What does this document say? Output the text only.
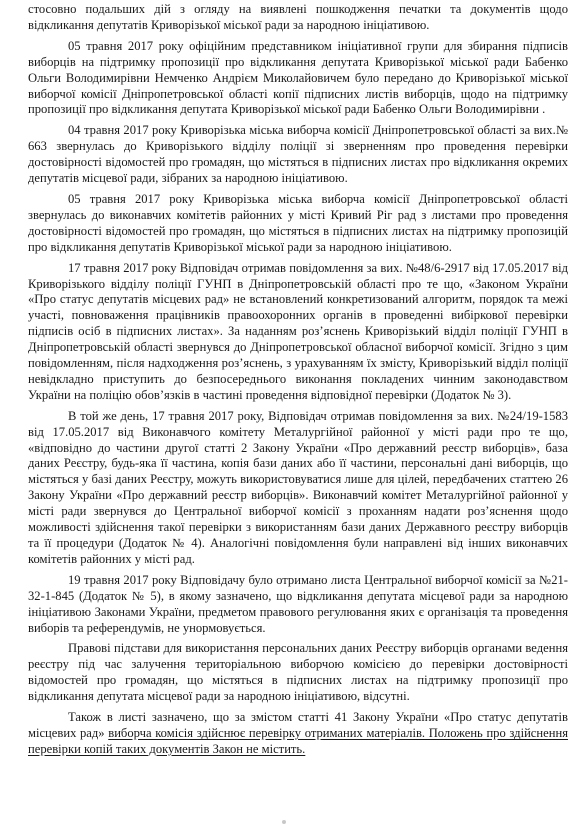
стосовно подальших дій з огляду на виявлені пошкодження печатки та документів щодо відкликання депутатів Криворізької міської ради за народною ініціативою.

05 травня 2017 року офіційним представником ініціативної групи для збирання підписів виборців на підтримку пропозиції про відкликання депутата Криворізької міської ради Бабенко Ольги Володимирівни Немченко Андрієм Миколайовичем було передано до Криворізької міської виборчої комісії Дніпропетровської області копії підписних листів виборців, щодо на підтримку пропозиції про відкликання депутата Криворізької міської ради Бабенко Ольги Володимирівни .

04 травня 2017 року Криворізька міська виборча комісії Дніпропетровської області за вих.№ 663 звернулась до Криворізького відділу поліції зі зверненням про проведення перевірки достовірності відомостей про громадян, що містяться в підписних листах про відкликання окремих депутатів місцевої ради, зібраних за народною ініціативою.

05 травня 2017 року Криворізька міська виборча комісії Дніпропетровської області звернулась до виконавчих комітетів районних у місті Кривий Ріг рад з листами про проведення достовірності відомостей про громадян, що містяться в підписних листах на підтримку пропозицій про відкликання депутатів Криворізької міської ради за народною ініціативою.

17 травня 2017 року Відповідач отримав повідомлення за вих. №48/6-2917 від 17.05.2017 від Криворізького відділу поліції ГУНП в Дніпропетровській області про те що, «Законом України «Про статус депутатів місцевих рад» не встановлений конкретизований алгоритм, порядок та межі участі, повноваження працівників правоохоронних органів в проведенні вибіркової перевірки підписів осіб в підписних листах». За наданням роз’яснень Криворізький відділ поліції ГУНП в Дніпропетровській області звернувся до Дніпропетровської обласної виборчої комісії. Згідно з цим повідомленням, після надходження роз’яснень, з урахуванням їх змісту, Криворізький відділ поліції невідкладно приступить до безпосереднього виконання покладених чинним законодавством України на поліцію обов’язків в частині проведення відповідної перевірки (Додаток № 3).

В той же день, 17 травня 2017 року, Відповідач отримав повідомлення за вих. №24/19-1583 від 17.05.2017 від Виконавчого комітету Металургійної районної у місті ради про те що, «відповідно до частини другої статті 2 Закону України «Про державний реєстр виборців», база даних Реєстру, будь-яка її частина, копія бази даних або її частини, персональні дані виборців, що містяться у базі даних Реєстру, можуть використовуватися лише для цілей, передбачених статтею 26 Закону України «Про державний реєстр виборців». Виконавчий комітет Металургійної районної у місті ради звернувся до Центральної виборчої комісії з проханням надати роз’яснення щодо можливості здійснення такої перевірки з використанням бази даних Державного реєстру виборців та її процедури (Додаток № 4). Аналогічні повідомлення були направлені від інших виконавчих комітетів районних у місті рад.

19 травня 2017 року Відповідачу було отримано листа Центральної виборчої комісії за №21-32-1-845 (Додаток № 5), в якому зазначено, що відкликання депутата місцевої ради за народною ініціативою Законами України, предметом правового регулювання яких є організація та проведення виборів та референдумів, не унормовується.

Правові підстави для використання персональних даних Реєстру виборців органами ведення реєстру під час залучення територіальною виборчою комісією до перевірки достовірності відомостей про громадян, що містяться в підписних листах на підтримку пропозиції про відкликання депутата місцевої ради за народною ініціативою, відсутні.

Також в листі зазначено, що за змістом статті 41 Закону України «Про статус депутатів місцевих рад» виборча комісія здійснює перевірку отриманих матеріалів. Положень про здійснення перевірки копій таких документів Закон не містить.
